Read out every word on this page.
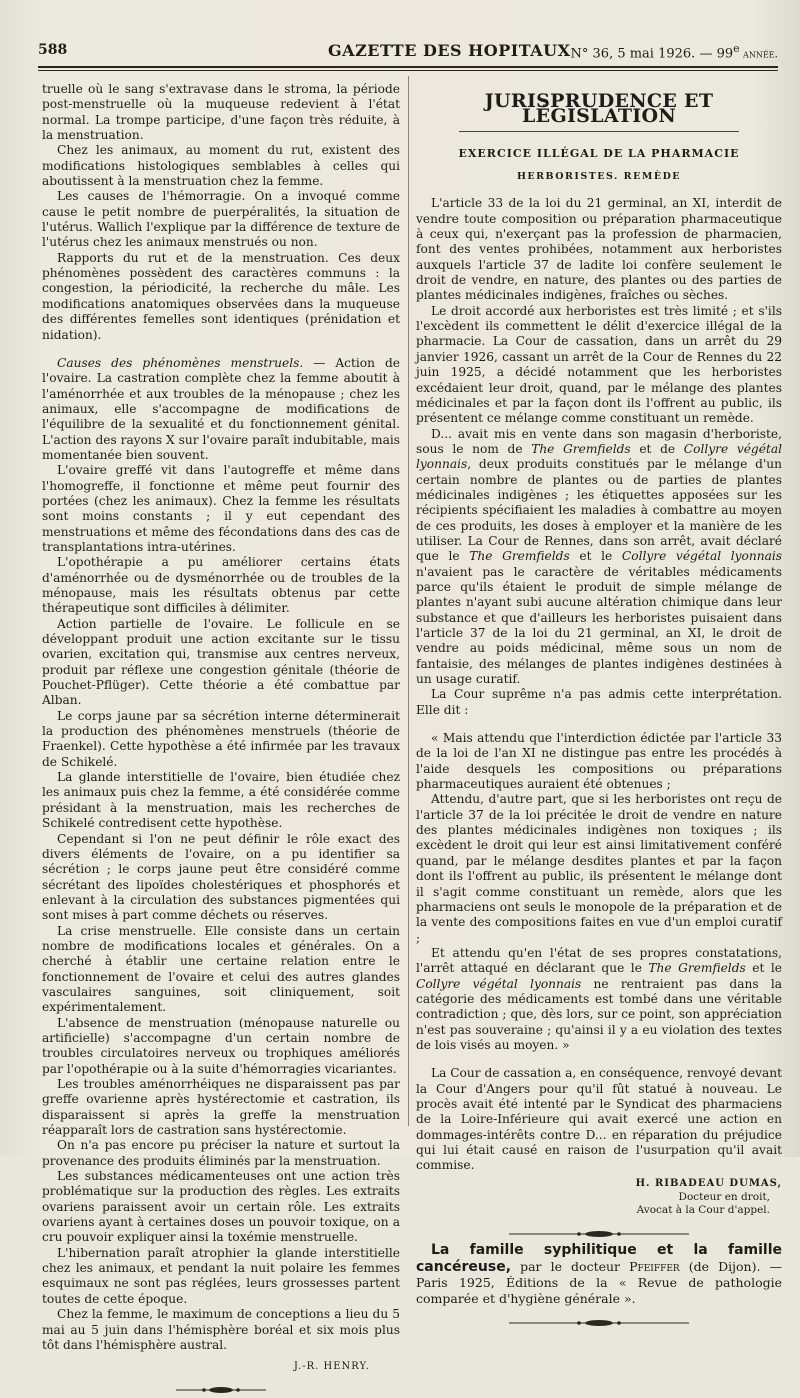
588	GAZETTE DES HOPITAUX N° 36, 5 mai 1926. — 99e année.

truelle où le sang s'extravase dans le stroma, la période post-menstruelle où la muqueuse redevient à l'état normal. La trompe participe, d'une façon très réduite, à la menstruation.

Chez les animaux, au moment du rut, existent des modifications histologiques semblables à celles qui aboutissent à la menstruation chez la femme.

Les causes de l'hémorragie. On a invoqué comme cause le petit nombre de puerpéralités, la situation de l'utérus. Wallich l'explique par la différence de texture de l'utérus chez les animaux menstrués ou non.

Rapports du rut et de la menstruation. Ces deux phénomènes possèdent des caractères communs : la congestion, la périodicité, la recherche du mâle. Les modifications anatomiques observées dans la muqueuse des différentes femelles sont identiques (prénidation et nidation).

Causes des phénomènes menstruels. — Action de l'ovaire. La castration complète chez la femme aboutit à l'aménorrhée et aux troubles de la ménopause ; chez les animaux, elle s'accompagne de modifications de l'équilibre de la sexualité et du fonctionnement génital. L'action des rayons X sur l'ovaire paraît indubitable, mais momentanée bien souvent.

L'ovaire greffé vit dans l'autogreffe et même dans l'homogreffe, il fonctionne et même peut fournir des portées (chez les animaux). Chez la femme les résultats sont moins constants ; il y eut cependant des menstruations et même des fécondations dans des cas de transplantations intra-utérines.

L'opothérapie a pu améliorer certains états d'aménorrhée ou de dysménorrhée ou de troubles de la ménopause, mais les résultats obtenus par cette thérapeutique sont difficiles à délimiter.

Action partielle de l'ovaire. Le follicule en se développant produit une action excitante sur le tissu ovarien, excitation qui, transmise aux centres nerveux, produit par réflexe une congestion génitale (théorie de Pouchet-Pflüger). Cette théorie a été combattue par Alban.

Le corps jaune par sa sécrétion interne déterminerait la production des phénomènes menstruels (théorie de Fraenkel). Cette hypothèse a été infirmée par les travaux de Schikelé.

La glande interstitielle de l'ovaire, bien étudiée chez les animaux puis chez la femme, a été considérée comme présidant à la menstruation, mais les recherches de Schikelé contredisent cette hypothèse.

Cependant si l'on ne peut définir le rôle exact des divers éléments de l'ovaire, on a pu identifier sa sécrétion ; le corps jaune peut être considéré comme sécrétant des lipoïdes cholestériques et phosphorés et enlevant à la circulation des substances pigmentées qui sont mises à part comme déchets ou réserves.

La crise menstruelle. Elle consiste dans un certain nombre de modifications locales et générales. On a cherché à établir une certaine relation entre le fonctionnement de l'ovaire et celui des autres glandes vasculaires sanguines, soit cliniquement, soit expérimentalement.

L'absence de menstruation (ménopause naturelle ou artificielle) s'accompagne d'un certain nombre de troubles circulatoires nerveux ou trophiques améliorés par l'opothérapie ou à la suite d'hémorragies vicariantes.

Les troubles aménorrhéiques ne disparaissent pas par greffe ovarienne après hystérectomie et castration, ils disparaissent si après la greffe la menstruation réapparaît lors de castration sans hystérectomie.

On n'a pas encore pu préciser la nature et surtout la provenance des produits éliminés par la menstruation.

Les substances médicamenteuses ont une action très problématique sur la production des règles. Les extraits ovariens paraissent avoir un certain rôle. Les extraits ovariens ayant à certaines doses un pouvoir toxique, on a cru pouvoir expliquer ainsi la toxémie menstruelle.

L'hibernation paraît atrophier la glande interstitielle chez les animaux, et pendant la nuit polaire les femmes esquimaux ne sont pas réglées, leurs grossesses partent toutes de cette époque.

Chez la femme, le maximum de conceptions a lieu du 5 mai au 5 juin dans l'hémisphère boréal et six mois plus tôt dans l'hémisphère austral.

J.-R. HENRY.
JURISPRUDENCE ET LÉGISLATION
EXERCICE ILLÉGAL DE LA PHARMACIE
HERBORISTES. REMÈDE

L'article 33 de la loi du 21 germinal, an XI, interdit de vendre toute composition ou préparation pharmaceutique à ceux qui, n'exerçant pas la profession de pharmacien, font des ventes prohibées, notamment aux herboristes auxquels l'article 37 de ladite loi confère seulement le droit de vendre, en nature, des plantes ou des parties de plantes médicinales indigènes, fraîches ou sèches.

Le droit accordé aux herboristes est très limité ; et s'ils l'excèdent ils commettent le délit d'exercice illégal de la pharmacie. La Cour de cassation, dans un arrêt du 29 janvier 1926, cassant un arrêt de la Cour de Rennes du 22 juin 1925, a décidé notamment que les herboristes excédaient leur droit, quand, par le mélange des plantes médicinales et par la façon dont ils l'offrent au public, ils présentent ce mélange comme constituant un remède.

D... avait mis en vente dans son magasin d'herboriste, sous le nom de The Gremfields et de Collyre végétal lyonnais, deux produits constitués par le mélange d'un certain nombre de plantes ou de parties de plantes médicinales indigènes ; les étiquettes apposées sur les récipients spécifiaient les maladies à combattre au moyen de ces produits, les doses à employer et la manière de les utiliser. La Cour de Rennes, dans son arrêt, avait déclaré que le The Gremfields et le Collyre végétal lyonnais n'avaient pas le caractère de véritables médicaments parce qu'ils étaient le produit de simple mélange de plantes n'ayant subi aucune altération chimique dans leur substance et que d'ailleurs les herboristes puisaient dans l'article 37 de la loi du 21 germinal, an XI, le droit de vendre au poids médicinal, même sous un nom de fantaisie, des mélanges de plantes indigènes destinées à un usage curatif.

La Cour suprême n'a pas admis cette interprétation. Elle dit :

« Mais attendu que l'interdiction édictée par l'article 33 de la loi de l'an XI ne distingue pas entre les procédés à l'aide desquels les compositions ou préparations pharmaceutiques auraient été obtenues ;

Attendu, d'autre part, que si les herboristes ont reçu de l'article 37 de la loi précitée le droit de vendre en nature des plantes médicinales indigènes non toxiques ; ils excèdent le droit qui leur est ainsi limitativement conféré quand, par le mélange desdites plantes et par la façon dont ils l'offrent au public, ils présentent le mélange dont il s'agit comme constituant un remède, alors que les pharmaciens ont seuls le monopole de la préparation et de la vente des compositions faites en vue d'un emploi curatif ;

Et attendu qu'en l'état de ses propres constatations, l'arrêt attaqué en déclarant que le The Gremfields et le Collyre végétal lyonnais ne rentraient pas dans la catégorie des médicaments est tombé dans une véritable contradiction ; que, dès lors, sur ce point, son appréciation n'est pas souveraine ; qu'ainsi il y a eu violation des textes de lois visés au moyen. »

La Cour de cassation a, en conséquence, renvoyé devant la Cour d'Angers pour qu'il fût statué à nouveau. Le procès avait été intenté par le Syndicat des pharmaciens de la Loire-Inférieure qui avait exercé une action en dommages-intérêts contre D... en réparation du préjudice qui lui était causé en raison de l'usurpation qu'il avait commise.

H. RIBADEAU DUMAS,
Docteur en droit,
Avocat à la Cour d'appel.

La famille syphilitique et la famille cancéreuse, par le docteur Pfeiffer (de Dijon). — Paris 1925, Éditions de la « Revue de pathologie comparée et d'hygiène générale ».
